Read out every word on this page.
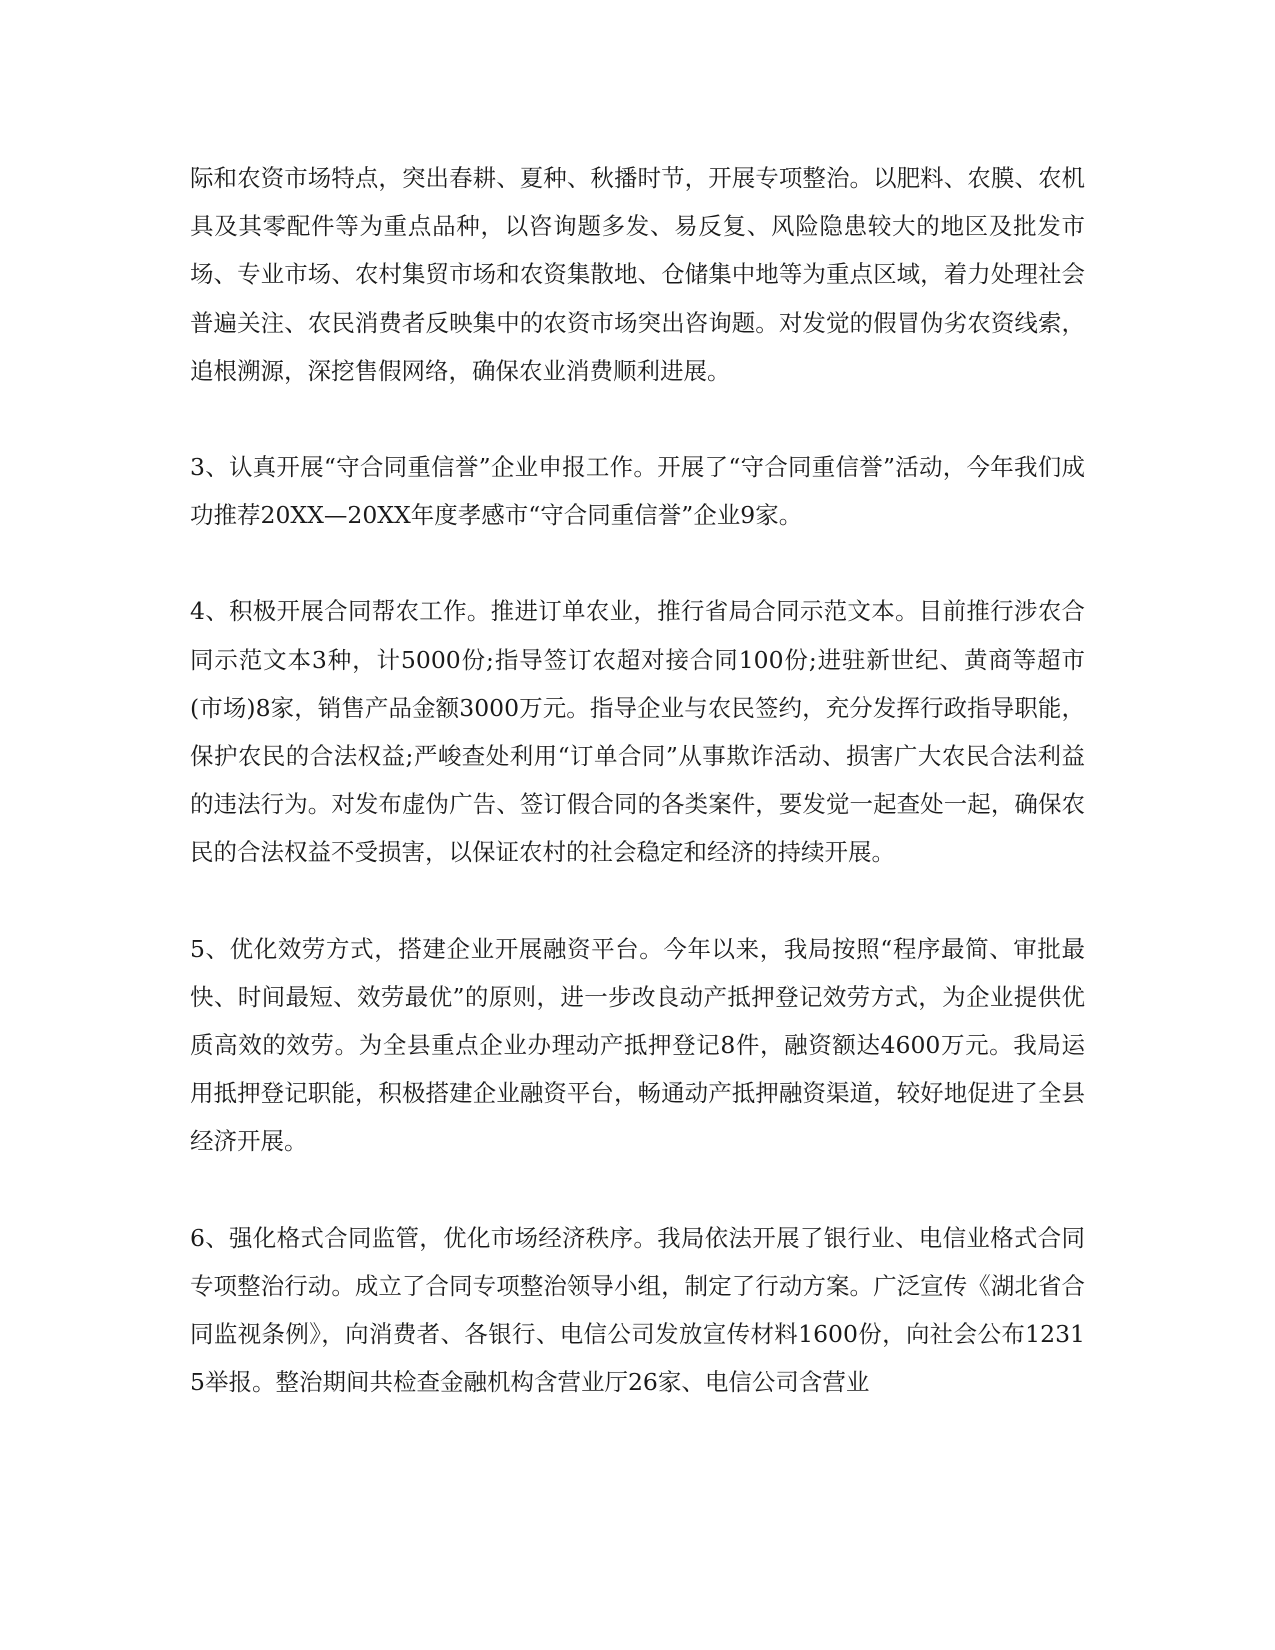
际和农资市场特点，突出春耕、夏种、秋播时节，开展专项整治。以肥料、农膜、农机具及其零配件等为重点品种，以咨询题多发、易反复、风险隐患较大的地区及批发市场、专业市场、农村集贸市场和农资集散地、仓储集中地等为重点区域，着力处理社会普遍关注、农民消费者反映集中的农资市场突出咨询题。对发觉的假冒伪劣农资线索，追根溯源，深挖售假网络，确保农业消费顺利进展。

3、认真开展“守合同重信誉”企业申报工作。开展了“守合同重信誉”活动，今年我们成功推荐20XX—20XX年度孝感市“守合同重信誉”企业9家。

4、积极开展合同帮农工作。推进订单农业，推行省局合同示范文本。目前推行涉农合同示范文本3种，计5000份;指导签订农超对接合同100份;进驻新世纪、黄商等超市(市场)8家，销售产品金额3000万元。指导企业与农民签约，充分发挥行政指导职能，保护农民的合法权益;严峻查处利用“订单合同”从事欺诈活动、损害广大农民合法利益的违法行为。对发布虚伪广告、签订假合同的各类案件，要发觉一起查处一起，确保农民的合法权益不受损害，以保证农村的社会稳定和经济的持续开展。

5、优化效劳方式，搭建企业开展融资平台。今年以来，我局按照“程序最简、审批最快、时间最短、效劳最优”的原则，进一步改良动产抵押登记效劳方式，为企业提供优质高效的效劳。为全县重点企业办理动产抵押登记8件，融资额达4600万元。我局运用抵押登记职能，积极搭建企业融资平台，畅通动产抵押融资渠道，较好地促进了全县经济开展。

6、强化格式合同监管，优化市场经济秩序。我局依法开展了银行业、电信业格式合同专项整治行动。成立了合同专项整治领导小组，制定了行动方案。广泛宣传《湖北省合同监视条例》，向消费者、各银行、电信公司发放宣传材料1600份，向社会公布12315举报。整治期间共检查金融机构含营业厅26家、电信公司含营业
